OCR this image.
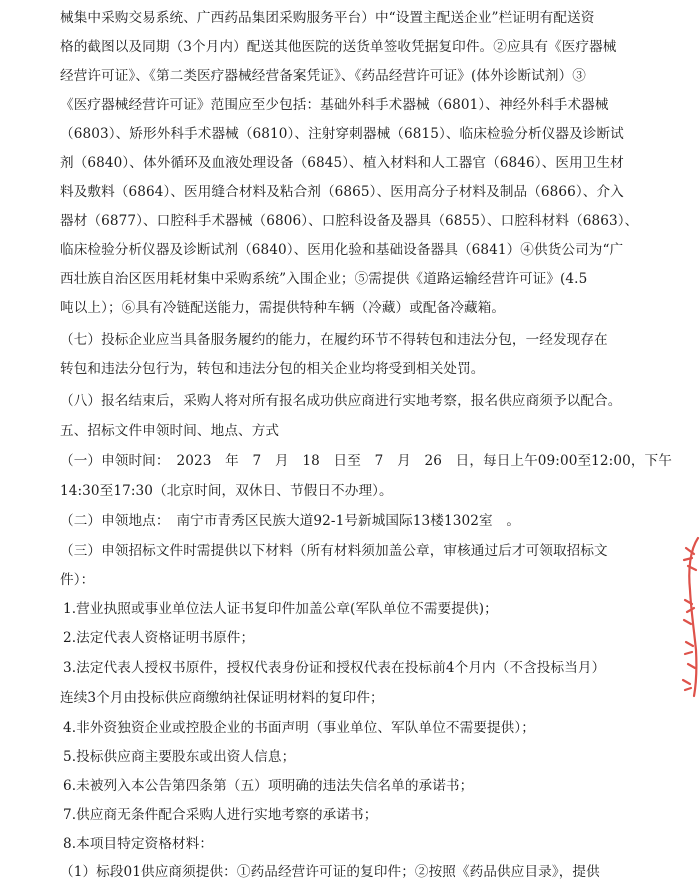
械集中采购交易系统、广西药品集团采购服务平台）中“设置主配送企业”栏证明有配送资
格的截图以及同期（3个月内）配送其他医院的送货单签收凭据复印件。②应具有《医疗器械
经营许可证》、《第二类医疗器械经营备案凭证》、《药品经营许可证》(体外诊断试剂）③
《医疗器械经营许可证》范围应至少包括：基础外科手术器械（6801）、神经外科手术器械
（6803）、矫形外科手术器械（6810）、注射穿刺器械（6815）、临床检验分析仪器及诊断试
剂（6840）、体外循环及血液处理设备（6845）、植入材料和人工器官（6846）、医用卫生材
料及敷料（6864）、医用缝合材料及粘合剂（6865）、医用高分子材料及制品（6866）、介入
器材（6877）、口腔科手术器械（6806）、口腔科设备及器具（6855）、口腔科材料（6863）、
临床检验分析仪器及诊断试剂（6840）、医用化验和基础设备器具（6841）④供货公司为“广
西壮族自治区医用耗材集中采购系统”入围企业；⑤需提供《道路运输经营许可证》(4.5
吨以上）；⑥具有冷链配送能力，需提供特种车辆（冷藏）或配备冷藏箱。
（七）投标企业应当具备服务履约的能力，在履约环节不得转包和违法分包，一经发现存在
转包和违法分包行为，转包和违法分包的相关企业均将受到相关处罚。
（八）报名结束后，采购人将对所有报名成功供应商进行实地考察，报名供应商须予以配合。
五、招标文件申领时间、地点、方式
（一）申领时间：　2023　年　7　月　18　日至　7　月　26　日，每日上午09:00至12:00，下午
14:30至17:30（北京时间，双休日、节假日不办理）。
（二）申领地点：　南宁市青秀区民族大道92-1号新城国际13楼1302室　。
（三）申领招标文件时需提供以下材料（所有材料须加盖公章，审核通过后才可领取招标文
件）：
1.营业执照或事业单位法人证书复印件加盖公章(军队单位不需要提供)；
2.法定代表人资格证明书原件；
3.法定代表人授权书原件，授权代表身份证和授权代表在投标前4个月内（不含投标当月）
连续3个月由投标供应商缴纳社保证明材料的复印件；
4.非外资独资企业或控股企业的书面声明（事业单位、军队单位不需要提供）；
5.投标供应商主要股东或出资人信息；
6.未被列入本公告第四条第（五）项明确的违法失信名单的承诺书；
7.供应商无条件配合采购人进行实地考察的承诺书；
8.本项目特定资格材料：
（1）标段01供应商须提供：①药品经营许可证的复印件；②按照《药品供应目录》，提供
